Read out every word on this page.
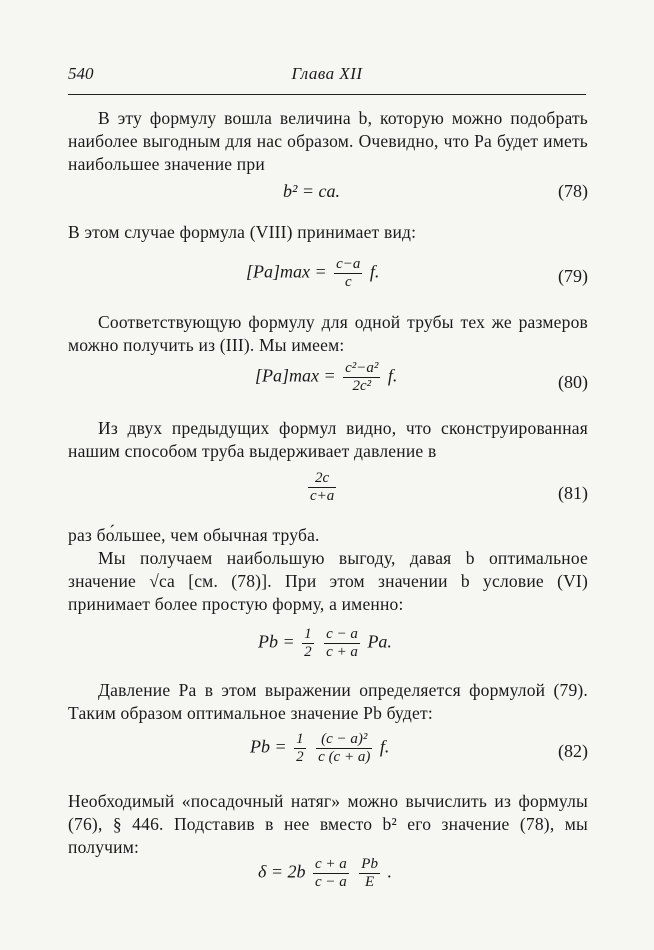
540	Глава XII
В эту формулу вошла величина b, которую можно подобрать наиболее выгодным для нас образом. Очевидно, что Pa будет иметь наибольшее значение при
b² = ca.	(78)
В этом случае формула (VIII) принимает вид:
$[Pa]\max = \frac{c-a}{c} f$.	(79)
Соответствующую формулу для одной трубы тех же размеров можно получить из (III). Мы имеем:
$[Pa]\max = \frac{\text{c²−a²}}{\text{2c²}} f$.	(80)
Из двух предыдущих формул видно, что сконструированная нашим способом труба выдерживает давление в
$\frac{2c}{c+a}$	(81)
раз бо́льшее, чем обычная труба.
Мы получаем наибольшую выгоду, давая b оптимальное значение √ca [см. (78)]. При этом значении b условие (VI) принимает более простую форму, а именно:
$Pb = \frac{1}{2}$
$\frac{c - a}{c + a} Pa$.
Давление Pa в этом выражении определяется формулой (79). Таким образом оптимальное значение Pb будет:
$Pb = \frac{1}{2}$
$\frac{\text{(c − a)²}}{c (c + a)} f$.	(82)
Необходимый «посадочный натяг» можно вычислить из формулы (76), § 446. Подставив в нее вместо b² его значение (78), мы получим:
$\delta = 2b \frac{c + a}{c - a}$
$\frac{Pb}{E}$ .
